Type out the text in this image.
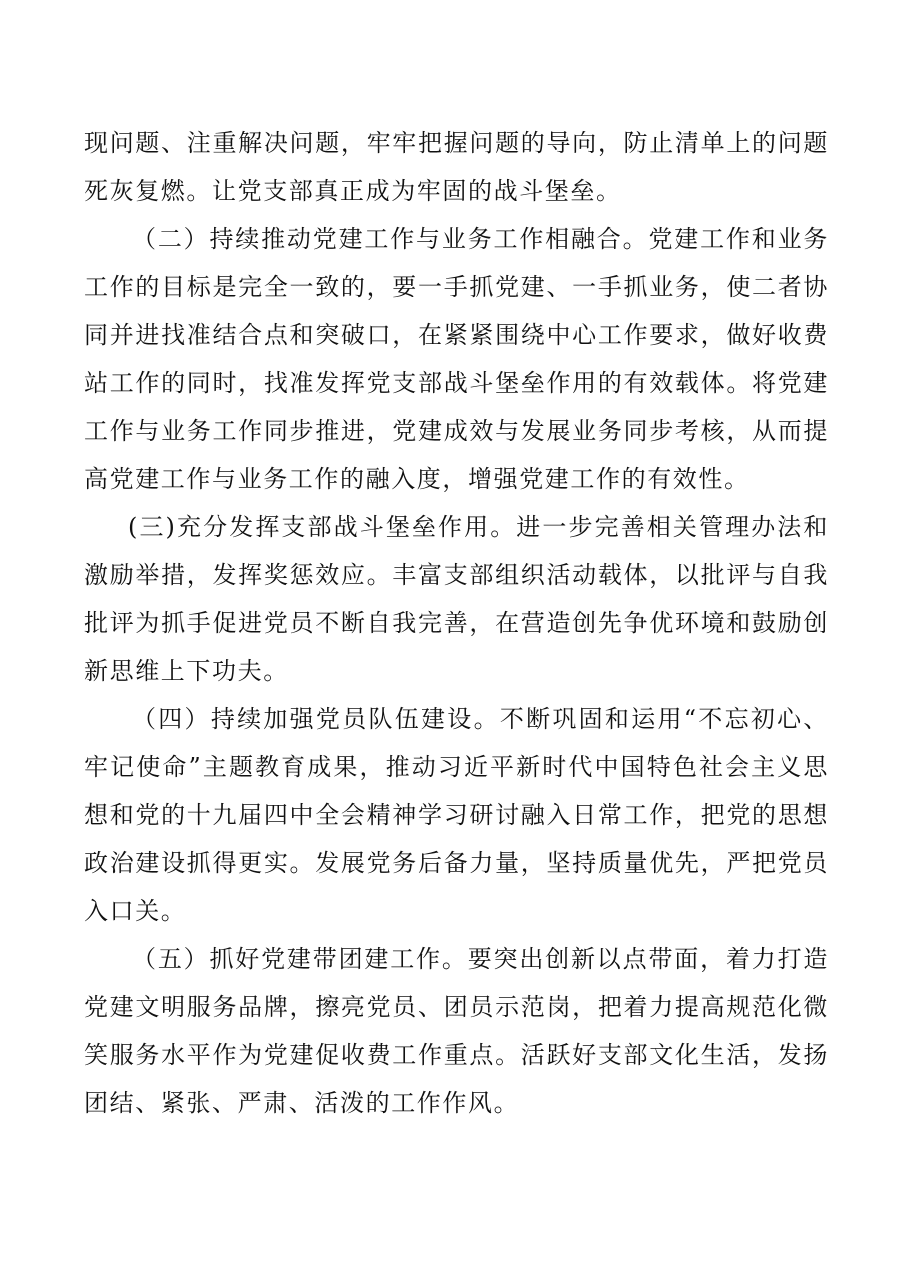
现问题、注重解决问题，牢牢把握问题的导向，防止清单上的问题死灰复燃。让党支部真正成为牢固的战斗堡垒。

（二）持续推动党建工作与业务工作相融合。党建工作和业务工作的目标是完全一致的，要一手抓党建、一手抓业务，使二者协同并进找准结合点和突破口，在紧紧围绕中心工作要求，做好收费站工作的同时，找准发挥党支部战斗堡垒作用的有效载体。将党建工作与业务工作同步推进，党建成效与发展业务同步考核，从而提高党建工作与业务工作的融入度，增强党建工作的有效性。

(三)充分发挥支部战斗堡垒作用。进一步完善相关管理办法和激励举措，发挥奖惩效应。丰富支部组织活动载体，以批评与自我批评为抓手促进党员不断自我完善，在营造创先争优环境和鼓励创新思维上下功夫。

（四）持续加强党员队伍建设。不断巩固和运用“不忘初心、牢记使命”主题教育成果，推动习近平新时代中国特色社会主义思想和党的十九届四中全会精神学习研讨融入日常工作，把党的思想政治建设抓得更实。发展党务后备力量，坚持质量优先，严把党员入口关。

（五）抓好党建带团建工作。要突出创新以点带面，着力打造党建文明服务品牌，擦亮党员、团员示范岗，把着力提高规范化微笑服务水平作为党建促收费工作重点。活跃好支部文化生活，发扬团结、紧张、严肃、活泼的工作作风。
